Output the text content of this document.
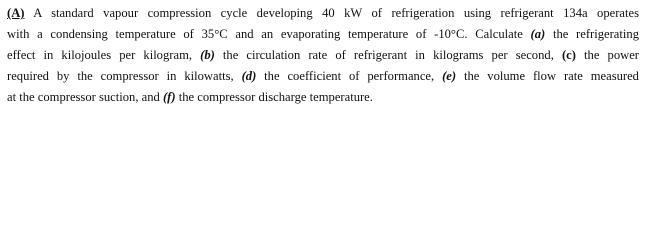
(A) A standard vapour compression cycle developing 40 kW of refrigeration using refrigerant 134a operates
with a condensing temperature of 35°C and an evaporating temperature of -10°C. Calculate (a) the refrigerating
effect in kilojoules per kilogram, (b) the circulation rate of refrigerant in kilograms per second, (c) the power
required by the compressor in kilowatts, (d) the coefficient of performance, (e) the volume flow rate measured
at the compressor suction, and (f) the compressor discharge temperature.
